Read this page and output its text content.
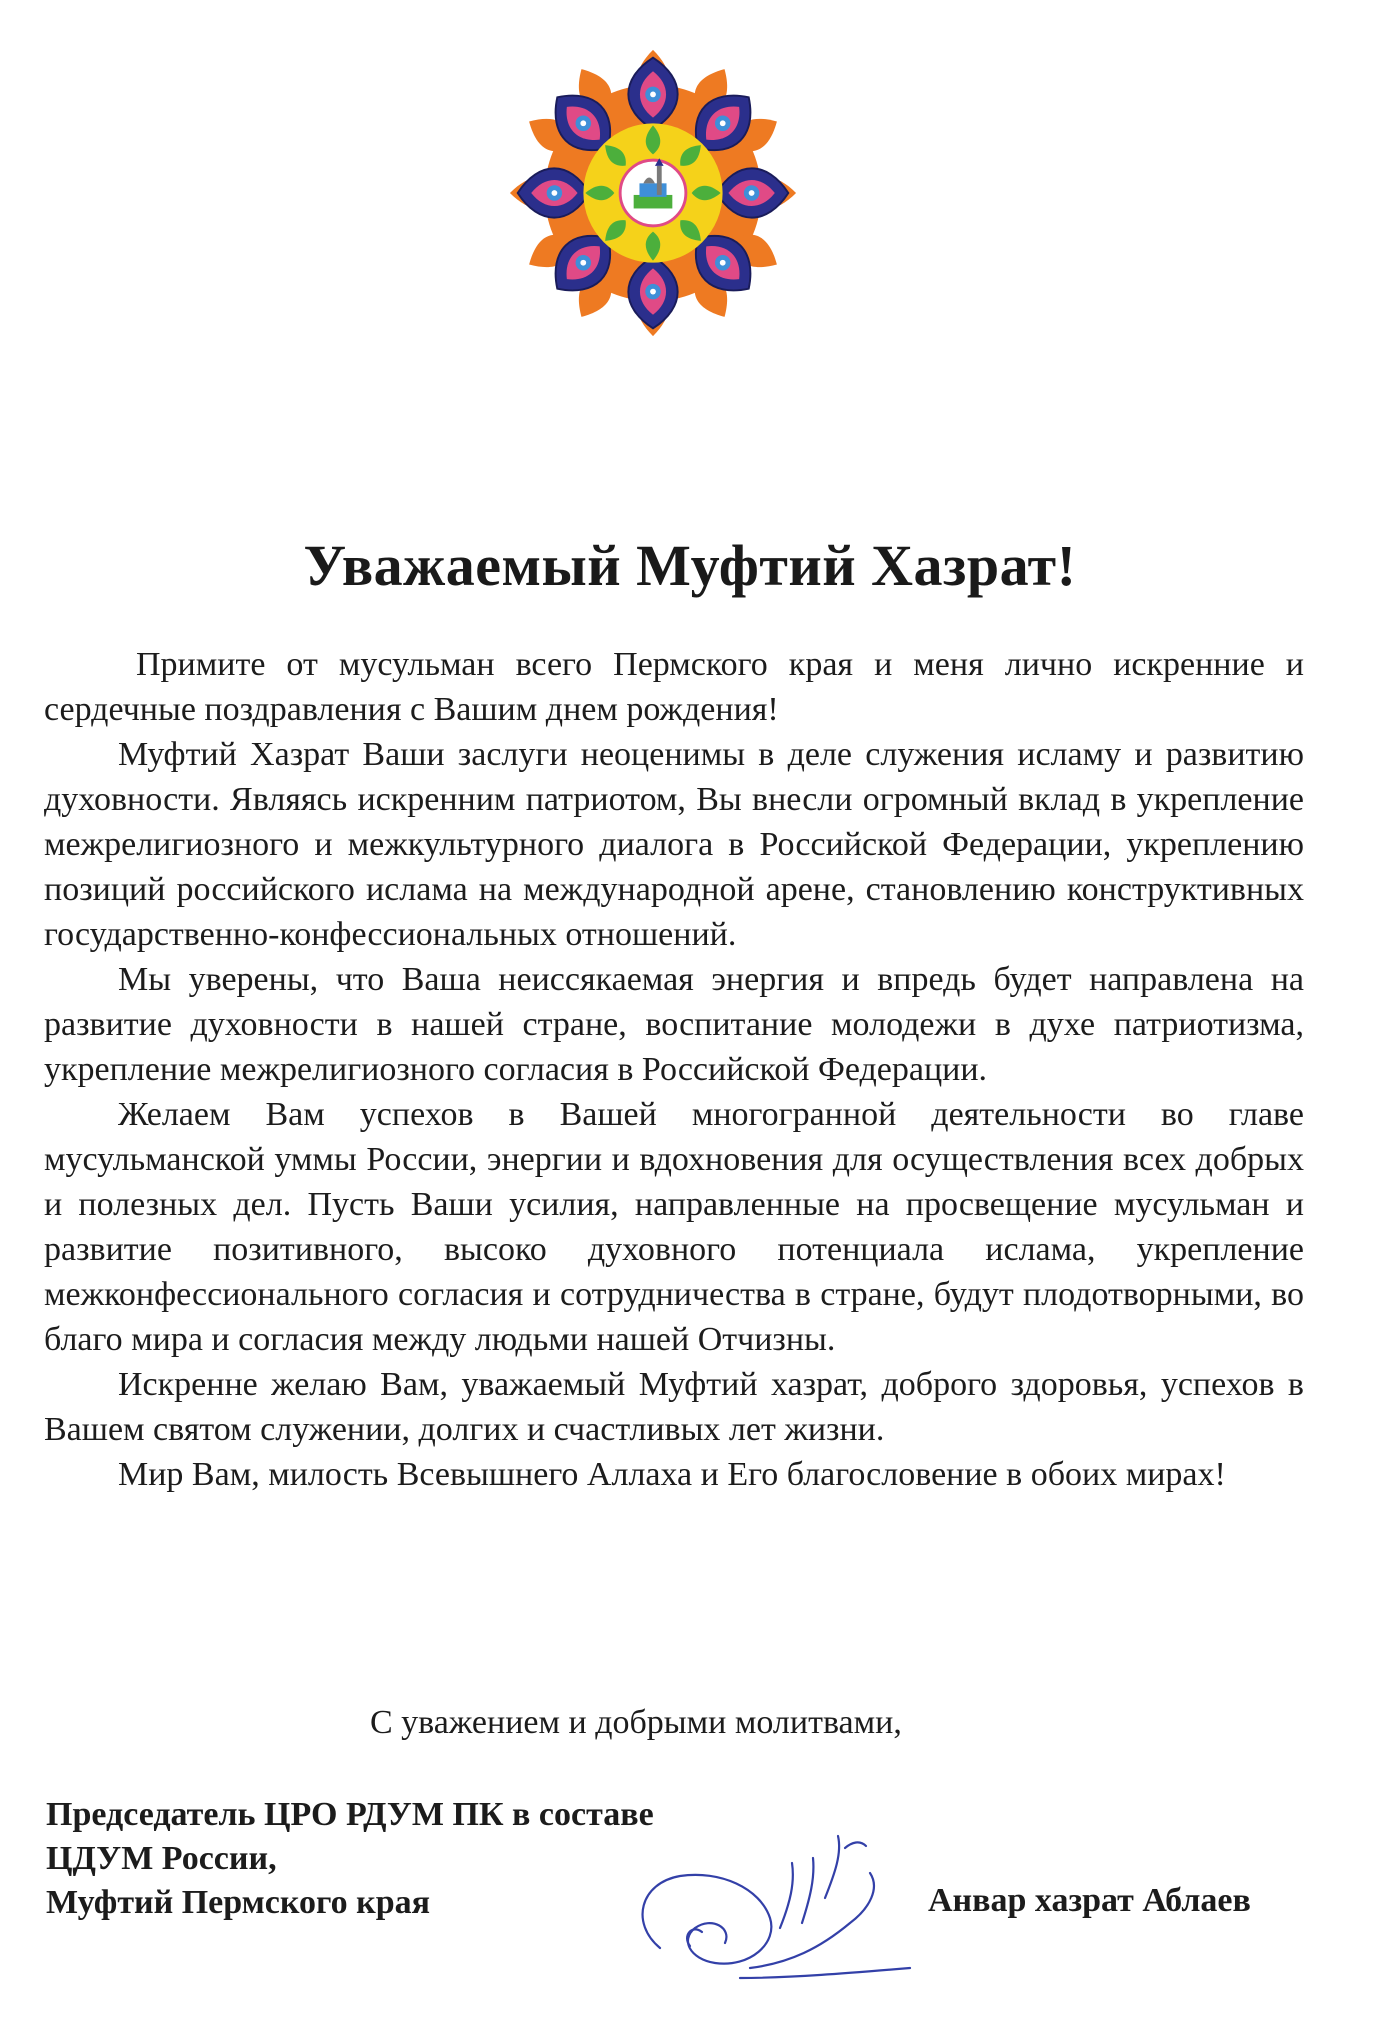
Уважаемый Муфтий Хазрат!

Примите от мусульман всего Пермского края и меня лично искренние и сердечные поздравления с Вашим днем рождения!

Муфтий Хазрат Ваши заслуги неоценимы в деле служения исламу и развитию духовности. Являясь искренним патриотом, Вы внесли огромный вклад в укрепление межрелигиозного и межкультурного диалога в Российской Федерации, укреплению позиций российского ислама на международной арене, становлению конструктивных государственно-конфессиональных отношений.

Мы уверены, что Ваша неиссякаемая энергия и впредь будет направлена на развитие духовности в нашей стране, воспитание молодежи в духе патриотизма, укрепление межрелигиозного согласия в Российской Федерации.

Желаем Вам успехов в Вашей многогранной деятельности во главе мусульманской уммы России, энергии и вдохновения для осуществления всех добрых и полезных дел. Пусть Ваши усилия, направленные на просвещение мусульман и развитие позитивного, высоко духовного потенциала ислама, укрепление межконфессионального согласия и сотрудничества в стране, будут плодотворными, во благо мира и согласия между людьми нашей Отчизны.

Искренне желаю Вам, уважаемый Муфтий хазрат, доброго здоровья, успехов в Вашем святом служении, долгих и счастливых лет жизни.

Мир Вам, милость Всевышнего Аллаха и Его благословение в обоих мирах!

С уважением и добрыми молитвами,
Председатель ЦРО РДУМ ПК в составе
ЦДУМ России,
Муфтий Пермского края	Анвар хазрат Аблаев
